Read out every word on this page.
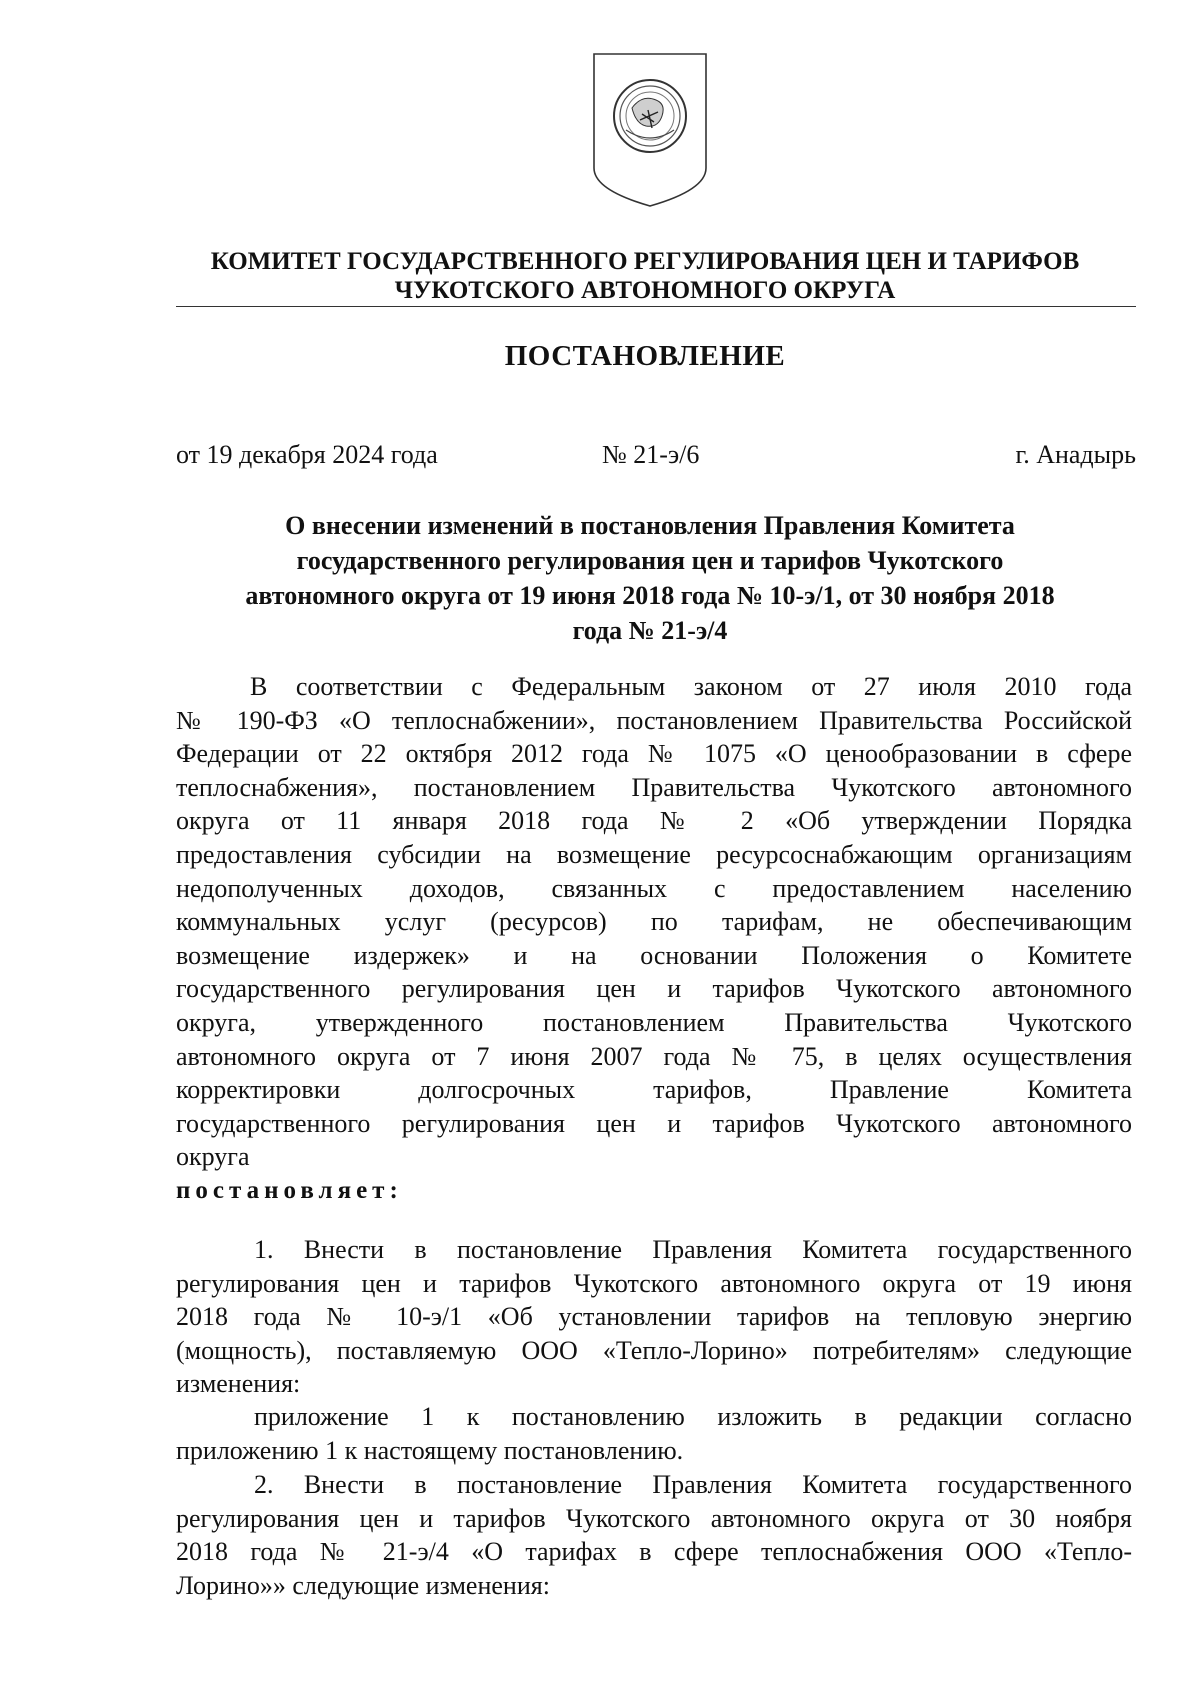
КОМИТЕТ ГОСУДАРСТВЕННОГО РЕГУЛИРОВАНИЯ ЦЕН И ТАРИФОВ
ЧУКОТСКОГО АВТОНОМНОГО ОКРУГА
ПОСТАНОВЛЕНИЕ
от 19 декабря 2024 года	№ 21-э/6	г. Анадырь
О внесении изменений в постановления Правления Комитета
государственного регулирования цен и тарифов Чукотского
автономного округа от 19 июня 2018 года № 10-э/1, от 30 ноября 2018
года № 21-э/4
В соответствии с Федеральным законом от 27 июля 2010 года
№ 190-ФЗ «О теплоснабжении», постановлением Правительства Российской
Федерации от 22 октября 2012 года № 1075 «О ценообразовании в сфере
теплоснабжения», постановлением Правительства Чукотского автономного
округа от 11 января 2018 года № 2 «Об утверждении Порядка
предоставления субсидии на возмещение ресурсоснабжающим организациям
недополученных доходов, связанных с предоставлением населению
коммунальных услуг (ресурсов) по тарифам, не обеспечивающим
возмещение издержек» и на основании Положения о Комитете
государственного регулирования цен и тарифов Чукотского автономного
округа, утвержденного постановлением Правительства Чукотского
автономного округа от 7 июня 2007 года № 75, в целях осуществления
корректировки долгосрочных тарифов, Правление Комитета
государственного регулирования цен и тарифов Чукотского автономного
округа
постановляет:
1. Внести в постановление Правления Комитета государственного
регулирования цен и тарифов Чукотского автономного округа от 19 июня
2018 года № 10-э/1 «Об установлении тарифов на тепловую энергию
(мощность), поставляемую ООО «Тепло-Лорино» потребителям» следующие
изменения:
приложение 1 к постановлению изложить в редакции согласно
приложению 1 к настоящему постановлению.
2. Внести в постановление Правления Комитета государственного
регулирования цен и тарифов Чукотского автономного округа от 30 ноября
2018 года № 21-э/4 «О тарифах в сфере теплоснабжения ООО «Тепло-
Лорино»» следующие изменения:
